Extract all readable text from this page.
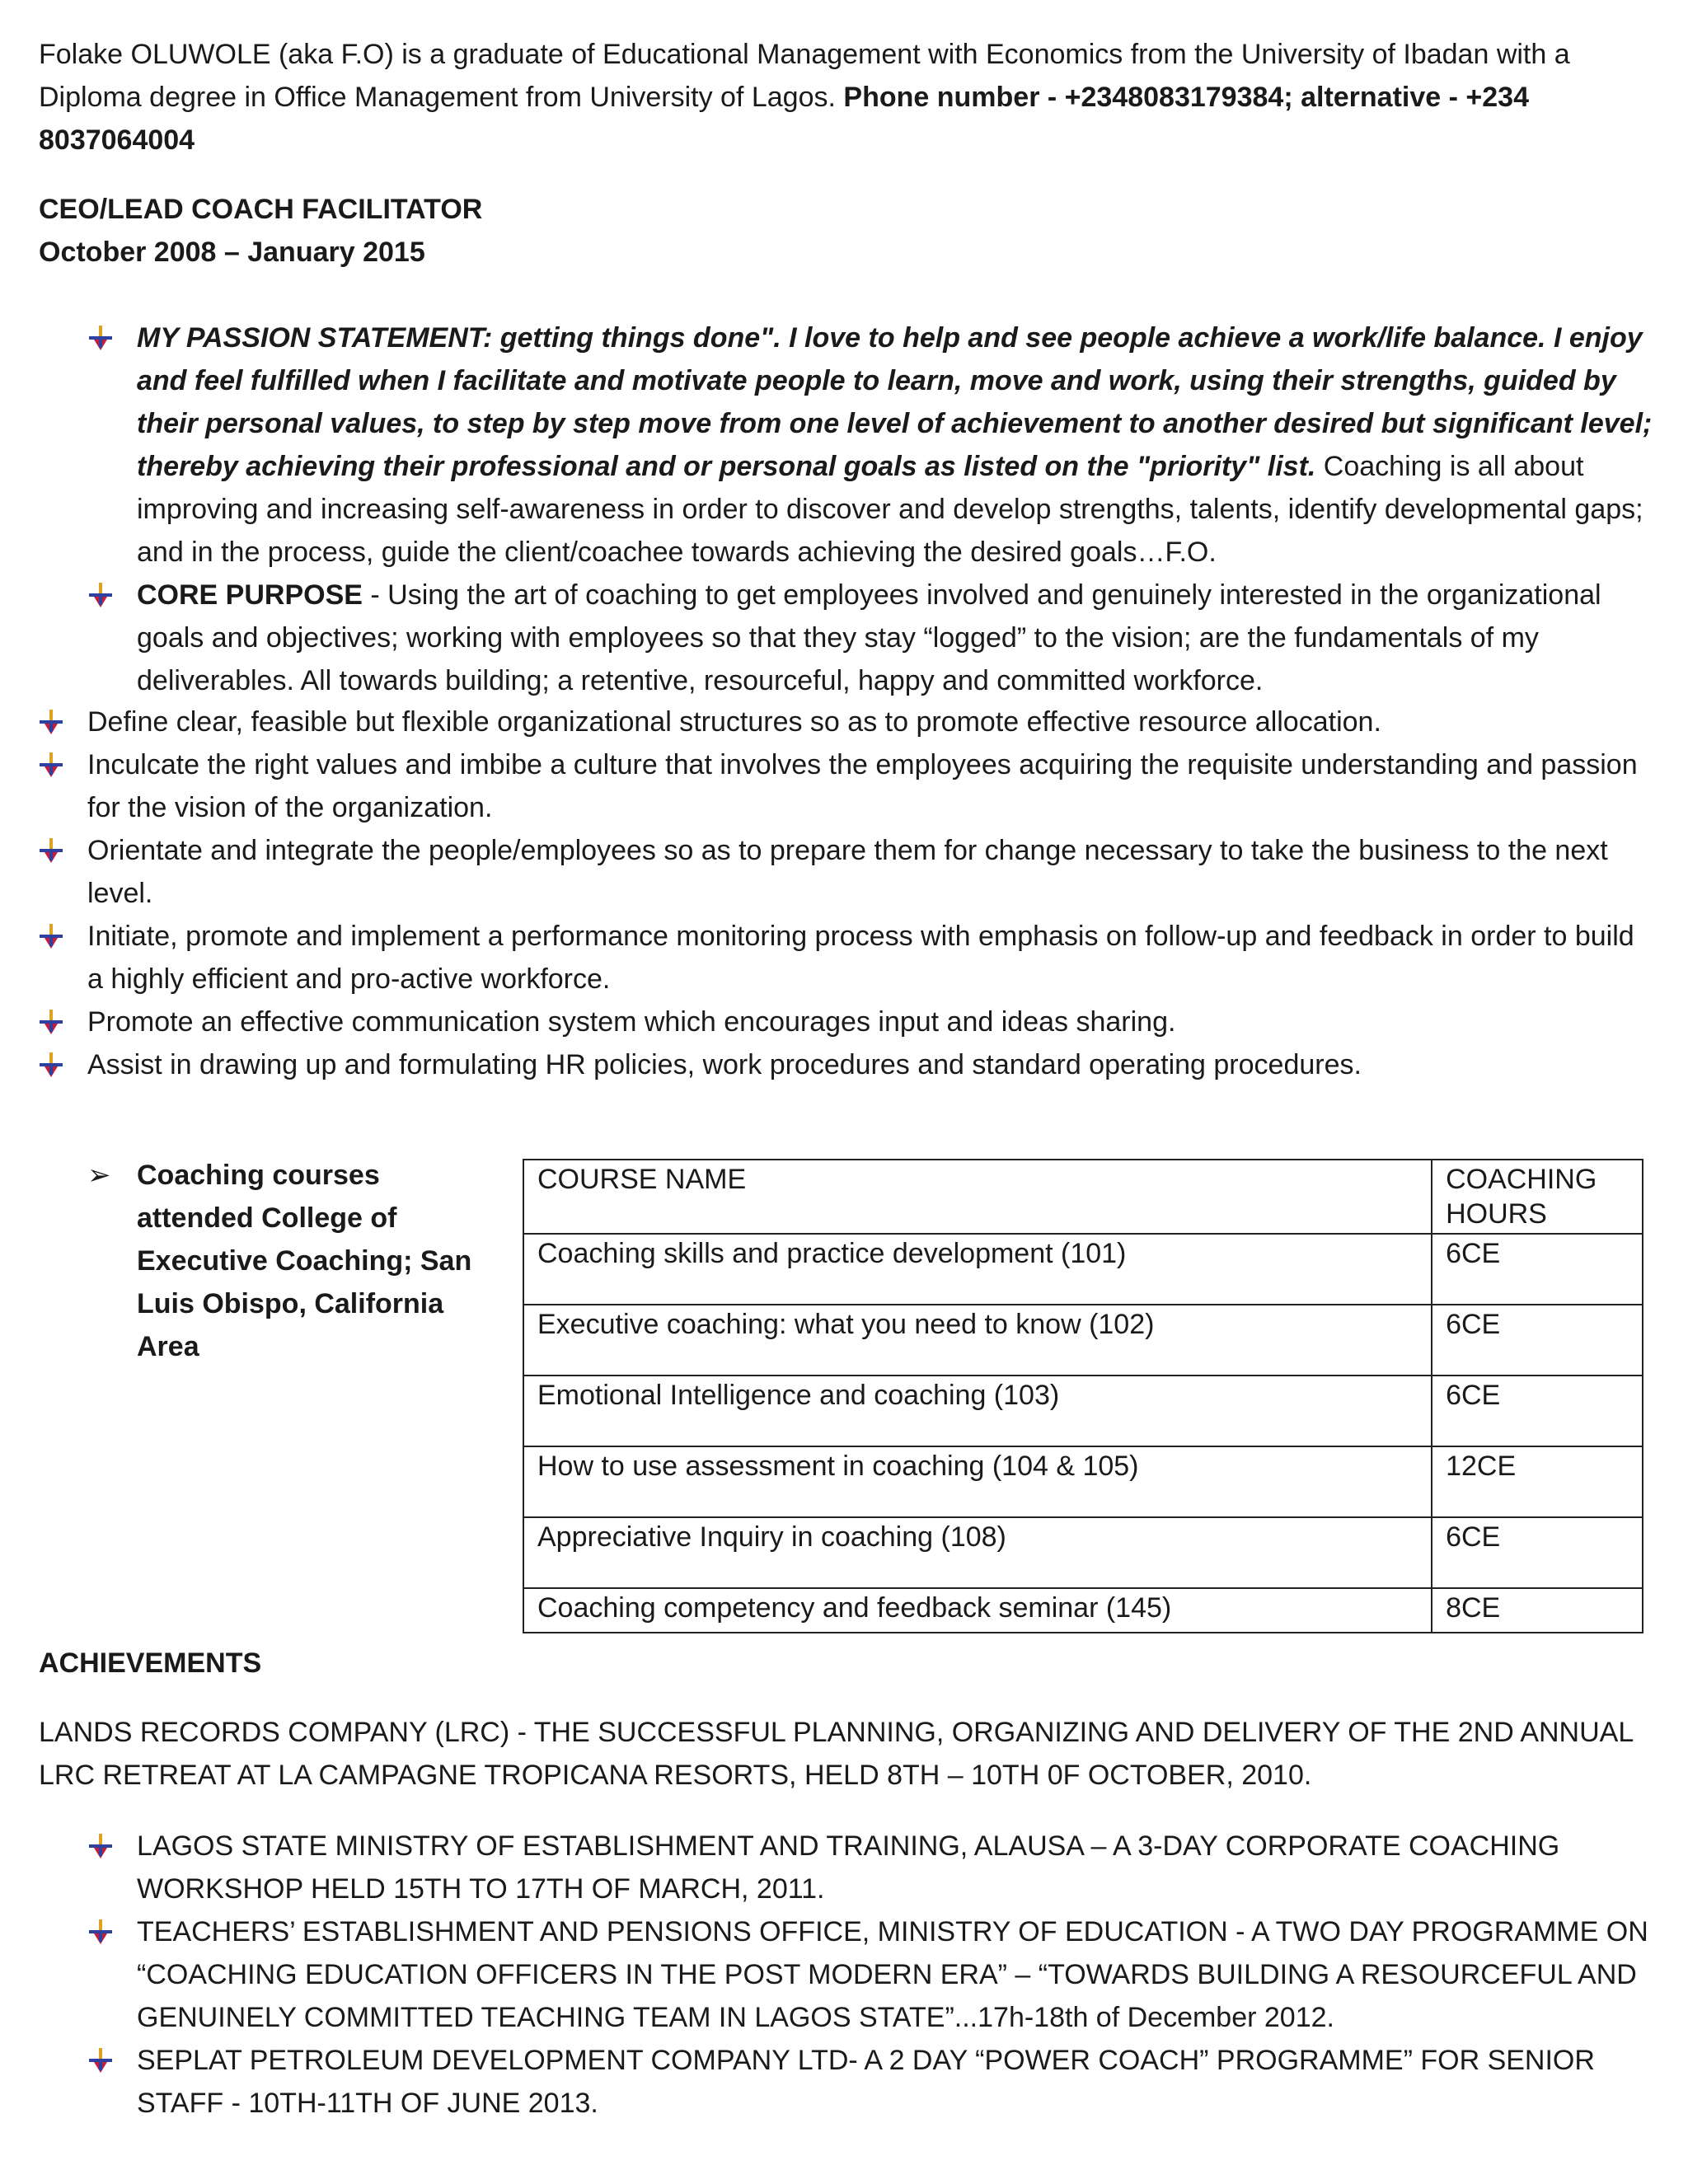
Folake OLUWOLE (aka F.O) is a graduate of Educational Management with Economics from the University of Ibadan with a Diploma degree in Office Management from University of Lagos. Phone number - +2348083179384; alternative - +234 8037064004

CEO/LEAD COACH FACILITATOR

October 2008 – January 2015

MY PASSION STATEMENT: getting things done". I love to help and see people achieve a work/life balance. I enjoy and feel fulfilled when I facilitate and motivate people to learn, move and work, using their strengths, guided by their personal values, to step by step move from one level of achievement to another desired but significant level; thereby achieving their professional and or personal goals as listed on the "priority" list. Coaching is all about improving and increasing self-awareness in order to discover and develop strengths, talents, identify developmental gaps; and in the process, guide the client/coachee towards achieving the desired goals…F.O.
CORE PURPOSE - Using the art of coaching to get employees involved and genuinely interested in the organizational goals and objectives; working with employees so that they stay “logged” to the vision; are the fundamentals of my deliverables. All towards building; a retentive, resourceful, happy and committed workforce.
Define clear, feasible but flexible organizational structures so as to promote effective resource allocation.
Inculcate the right values and imbibe a culture that involves the employees acquiring the requisite understanding and passion for the vision of the organization.
Orientate and integrate the people/employees so as to prepare them for change necessary to take the business to the next level.
Initiate, promote and implement a performance monitoring process with emphasis on follow-up and feedback in order to build a highly efficient and pro-active workforce.
Promote an effective communication system which encourages input and ideas sharing.
Assist in drawing up and formulating HR policies, work procedures and standard operating procedures.
➢ Coaching courses attended College of Executive Coaching; San Luis Obispo, California Area
COURSE NAME	COACHING HOURS
Coaching skills and practice development (101)	6CE
Executive coaching: what you need to know (102)	6CE
Emotional Intelligence and coaching (103)	6CE
How to use assessment in coaching (104 & 105)	12CE
Appreciative Inquiry in coaching (108)	6CE
Coaching competency and feedback seminar (145)	8CE

ACHIEVEMENTS

LANDS RECORDS COMPANY (LRC) - THE SUCCESSFUL PLANNING, ORGANIZING AND DELIVERY OF THE 2ND ANNUAL LRC RETREAT AT LA CAMPAGNE TROPICANA RESORTS, HELD 8TH – 10TH 0F OCTOBER, 2010.

LAGOS STATE MINISTRY OF ESTABLISHMENT AND TRAINING, ALAUSA – A 3-DAY CORPORATE COACHING WORKSHOP HELD 15TH TO 17TH OF MARCH, 2011.
TEACHERS’ ESTABLISHMENT AND PENSIONS OFFICE, MINISTRY OF EDUCATION - A TWO DAY PROGRAMME ON “COACHING EDUCATION OFFICERS IN THE POST MODERN ERA” – “TOWARDS BUILDING A RESOURCEFUL AND GENUINELY COMMITTED TEACHING TEAM IN LAGOS STATE”...17h-18th of December 2012.
SEPLAT PETROLEUM DEVELOPMENT COMPANY LTD- A 2 DAY “POWER COACH” PROGRAMME” FOR SENIOR STAFF - 10TH-11TH OF JUNE 2013.
